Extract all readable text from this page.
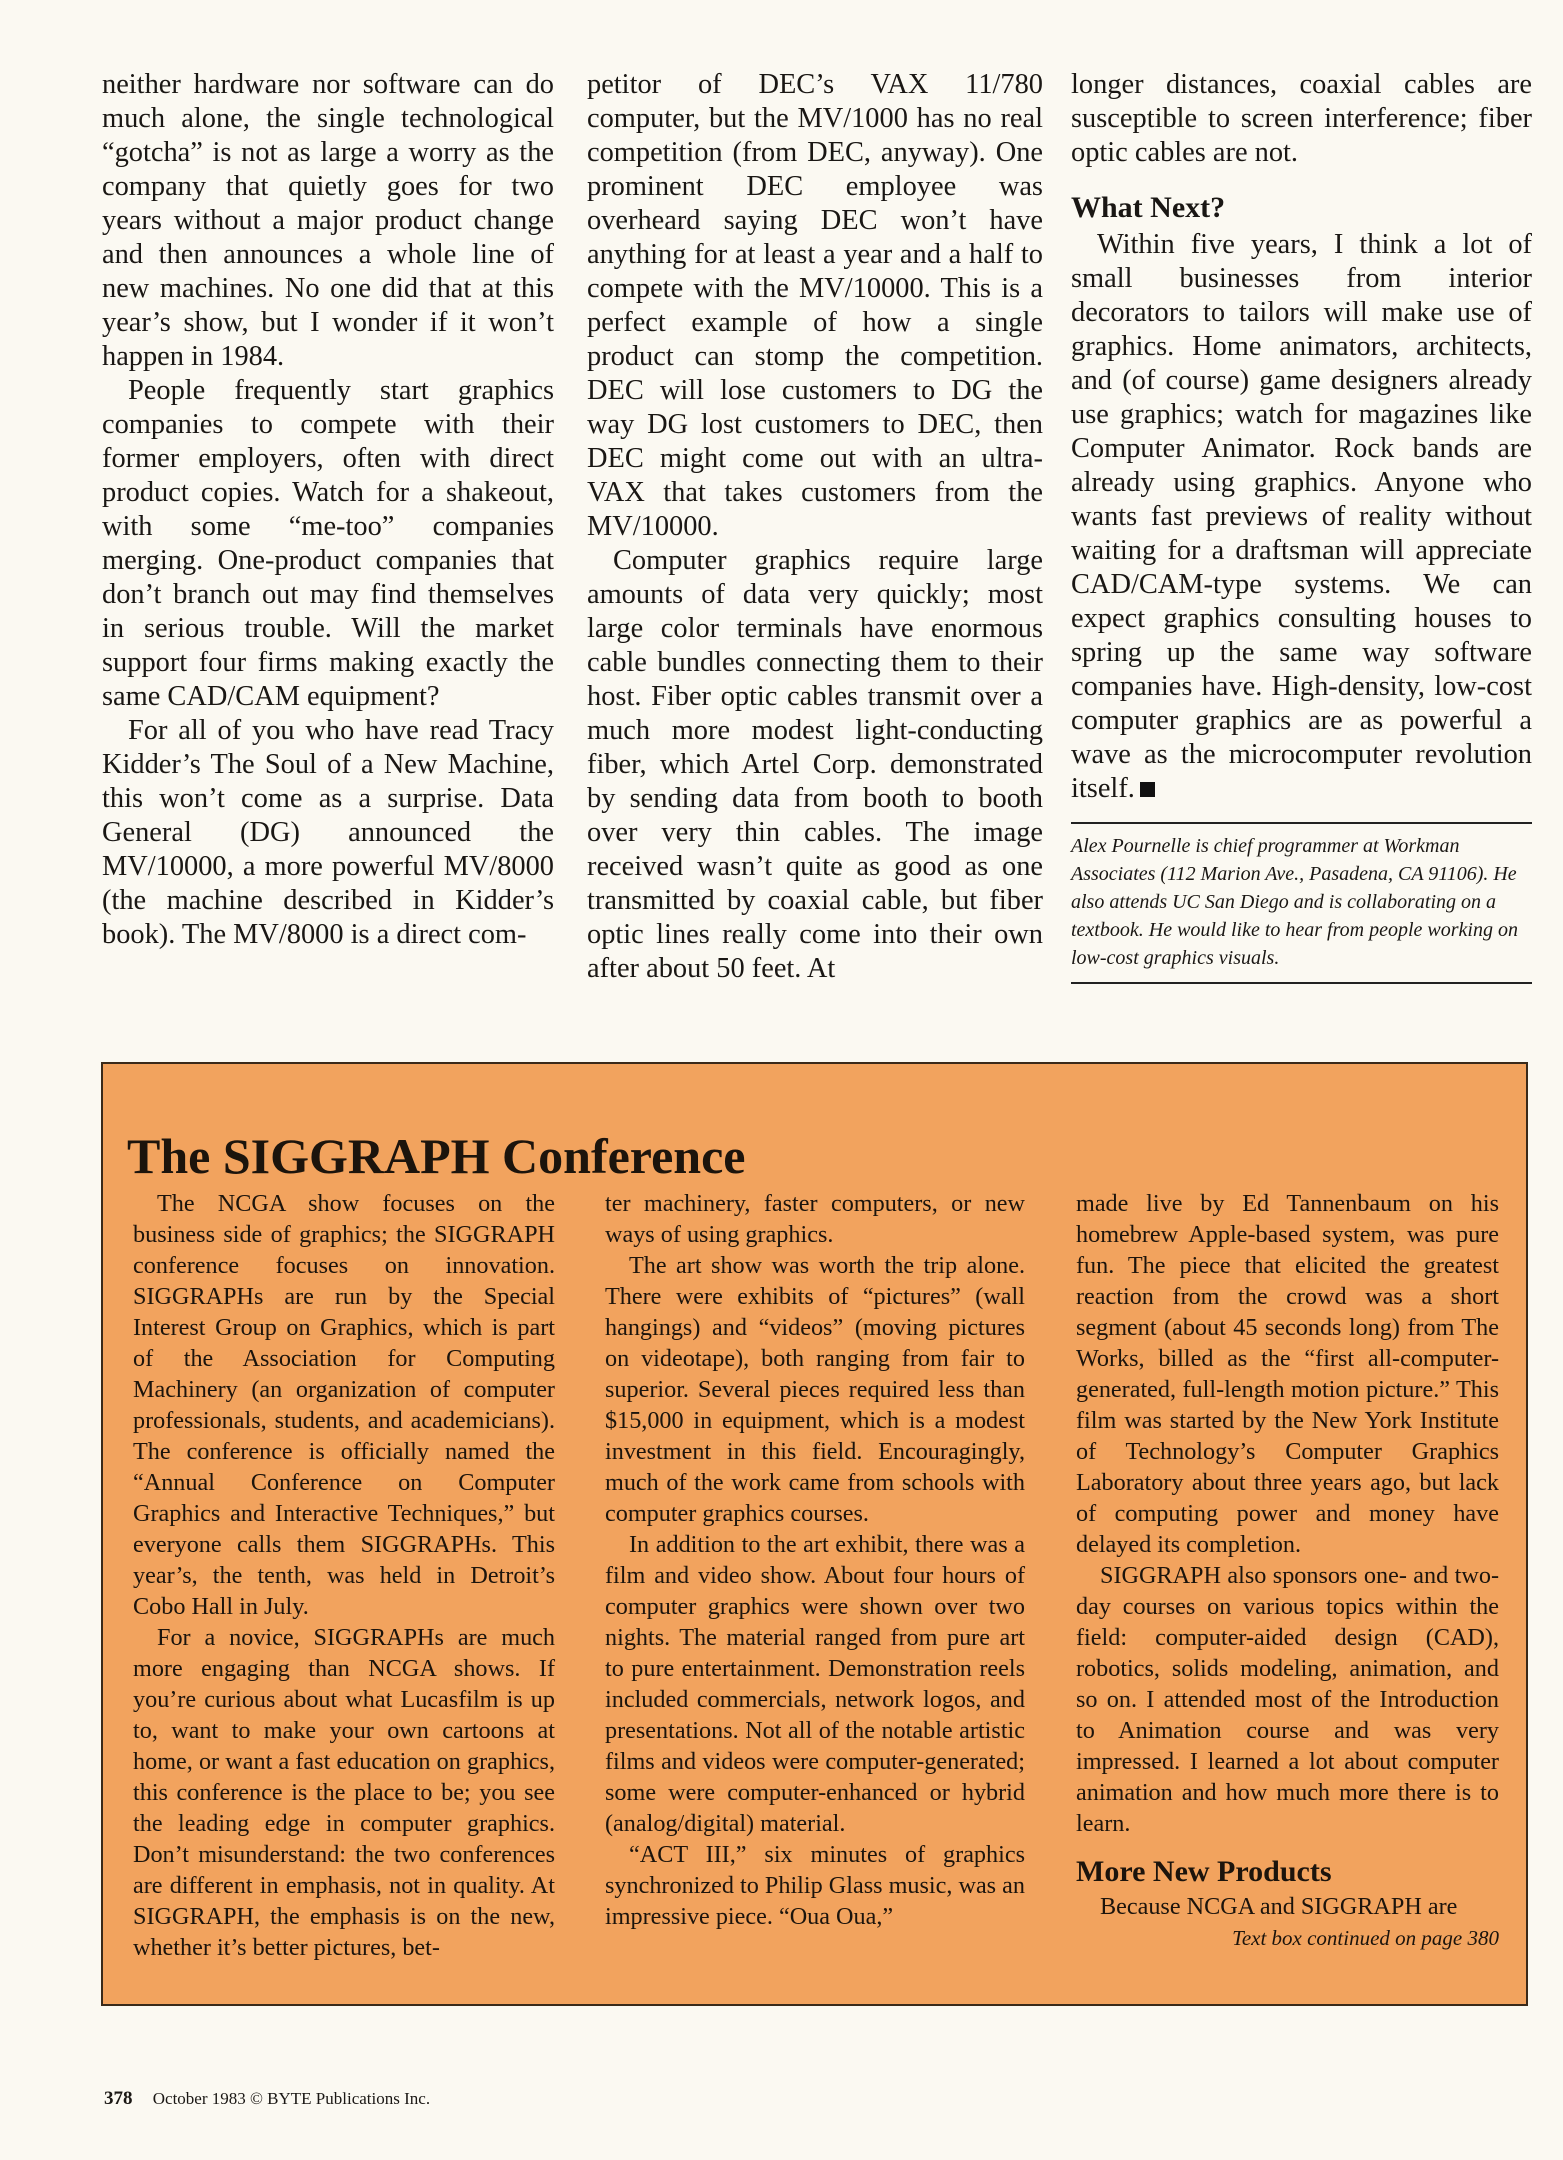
neither hardware nor software can do much alone, the single technological “gotcha” is not as large a worry as the company that quietly goes for two years without a major product change and then announces a whole line of new machines. No one did that at this year’s show, but I wonder if it won’t happen in 1984.

People frequently start graphics companies to compete with their former employers, often with direct product copies. Watch for a shakeout, with some “me-too” companies merging. One-product companies that don’t branch out may find themselves in serious trouble. Will the market support four firms making exactly the same CAD/CAM equipment?

For all of you who have read Tracy Kidder’s The Soul of a New Machine, this won’t come as a surprise. Data General (DG) announced the MV/10000, a more powerful MV/8000 (the machine described in Kidder’s book). The MV/8000 is a direct com-

petitor of DEC’s VAX 11/780 computer, but the MV/1000 has no real competition (from DEC, anyway). One prominent DEC employee was overheard saying DEC won’t have anything for at least a year and a half to compete with the MV/10000. This is a perfect example of how a single product can stomp the competition. DEC will lose customers to DG the way DG lost customers to DEC, then DEC might come out with an ultra-VAX that takes customers from the MV/10000.

Computer graphics require large amounts of data very quickly; most large color terminals have enormous cable bundles connecting them to their host. Fiber optic cables transmit over a much more modest light-conducting fiber, which Artel Corp. demonstrated by sending data from booth to booth over very thin cables. The image received wasn’t quite as good as one transmitted by coaxial cable, but fiber optic lines really come into their own after about 50 feet. At

longer distances, coaxial cables are susceptible to screen interference; fiber optic cables are not.

What Next?

Within five years, I think a lot of small businesses from interior decorators to tailors will make use of graphics. Home animators, architects, and (of course) game designers already use graphics; watch for magazines like Computer Animator. Rock bands are already using graphics. Anyone who wants fast previews of reality without waiting for a draftsman will appreciate CAD/CAM-type systems. We can expect graphics consulting houses to spring up the same way software companies have. High-density, low-cost computer graphics are as powerful a wave as the microcomputer revolution itself.

Alex Pournelle is chief programmer at Workman Associates (112 Marion Ave., Pasadena, CA 91106). He also attends UC San Diego and is collaborating on a textbook. He would like to hear from people working on low-cost graphics visuals.

The SIGGRAPH Conference

The NCGA show focuses on the business side of graphics; the SIGGRAPH conference focuses on innovation. SIGGRAPHs are run by the Special Interest Group on Graphics, which is part of the Association for Computing Machinery (an organization of computer professionals, students, and academicians). The conference is officially named the “Annual Conference on Computer Graphics and Interactive Techniques,” but everyone calls them SIGGRAPHs. This year’s, the tenth, was held in Detroit’s Cobo Hall in July.

For a novice, SIGGRAPHs are much more engaging than NCGA shows. If you’re curious about what Lucasfilm is up to, want to make your own cartoons at home, or want a fast education on graphics, this conference is the place to be; you see the leading edge in computer graphics. Don’t misunderstand: the two conferences are different in emphasis, not in quality. At SIGGRAPH, the emphasis is on the new, whether it’s better pictures, bet-

ter machinery, faster computers, or new ways of using graphics.

The art show was worth the trip alone. There were exhibits of “pictures” (wall hangings) and “videos” (moving pictures on videotape), both ranging from fair to superior. Several pieces required less than $15,000 in equipment, which is a modest investment in this field. Encouragingly, much of the work came from schools with computer graphics courses.

In addition to the art exhibit, there was a film and video show. About four hours of computer graphics were shown over two nights. The material ranged from pure art to pure entertainment. Demonstration reels included commercials, network logos, and presentations. Not all of the notable artistic films and videos were computer-generated; some were computer-enhanced or hybrid (analog/digital) material.

“ACT III,” six minutes of graphics synchronized to Philip Glass music, was an impressive piece. “Oua Oua,”

made live by Ed Tannenbaum on his homebrew Apple-based system, was pure fun. The piece that elicited the greatest reaction from the crowd was a short segment (about 45 seconds long) from The Works, billed as the “first all-computer-generated, full-length motion picture.” This film was started by the New York Institute of Technology’s Computer Graphics Laboratory about three years ago, but lack of computing power and money have delayed its completion.

SIGGRAPH also sponsors one- and two-day courses on various topics within the field: computer-aided design (CAD), robotics, solids modeling, animation, and so on. I attended most of the Introduction to Animation course and was very impressed. I learned a lot about computer animation and how much more there is to learn.

More New Products

Because NCGA and SIGGRAPH are

Text box continued on page 380
378 October 1983 © BYTE Publications Inc.
